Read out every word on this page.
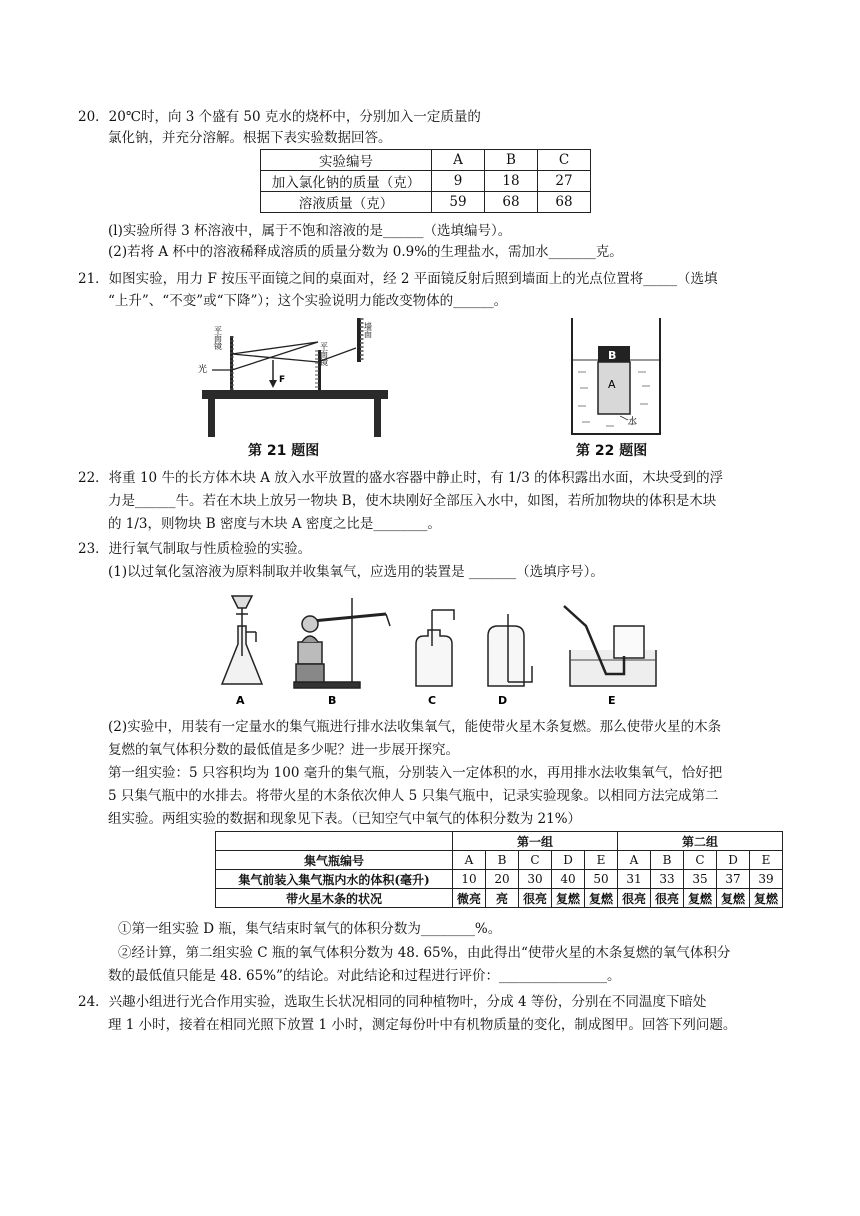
20．20℃时，向 3 个盛有 50 克水的烧杯中，分别加入一定质量的
氯化钠，并充分溶解。根据下表实验数据回答。
实验编号	A	B	C
加入氯化钠的质量（克）	9	18	27
溶液质量（克）	59	68	68
(l)实验所得 3 杯溶液中，属于不饱和溶液的是______（选填编号）。
(2)若将 A 杯中的溶液稀释成溶质的质量分数为 0.9%的生理盐水，需加水_______克。
21．如图实验，用力 F 按压平面镜之间的桌面对，经 2 平面镜反射后照到墙面上的光点位置将_____（选填
“上升”、“不变”或“下降”）；这个实验说明力能改变物体的______。
F
光
平面镜
平面镜
墙面
第 21 题图
B
A
水
第 22 题图
22．将重 10 牛的长方体木块 A 放入水平放置的盛水容器中静止时，有 1/3 的体积露出水面，木块受到的浮
力是______牛。若在木块上放另一物块 B，使木块刚好全部压入水中，如图，若所加物块的体积是木块
的 1/3，则物块 B 密度与木块 A 密度之比是________。
23．进行氧气制取与性质检验的实验。
(1)以过氧化氢溶液为原料制取并收集氧气，应选用的装置是 _______（选填序号）。
A	B	C	D	E
(2)实验中，用装有一定量水的集气瓶进行排水法收集氧气，能使带火星木条复燃。那么使带火星的木条
复燃的氧气体积分数的最低值是多少呢？进一步展开探究。
第一组实验：5 只容积均为 100 毫升的集气瓶，分别装入一定体积的水，再用排水法收集氧气，恰好把
5 只集气瓶中的水排去。将带火星的木条依次伸人 5 只集气瓶中，记录实验现象。以相同方法完成第二
组实验。两组实验的数据和现象见下表。（已知空气中氧气的体积分数为 21%）
	第一组					第二组				
集气瓶编号	A	B	C	D	E	A	B	C	D	E
集气前装入集气瓶内水的体积(毫升)	10	20	30	40	50	31	33	35	37	39
带火星木条的状况	微亮	亮	很亮	复燃	复燃	很亮	很亮	复燃	复燃	复燃
①第一组实验 D 瓶，集气结束时氧气的体积分数为________%。
②经计算，第二组实验 C 瓶的氧气体积分数为 48. 65%，由此得出“使带火星的木条复燃的氧气体积分
数的最低值只能是 48. 65%”的结论。对此结论和过程进行评价：________________。
24．兴趣小组进行光合作用实验，选取生长状况相同的同种植物叶，分成 4 等份，分别在不同温度下暗处
理 1 小时，接着在相同光照下放置 1 小时，测定每份叶中有机物质量的变化，制成图甲。回答下列问题。
